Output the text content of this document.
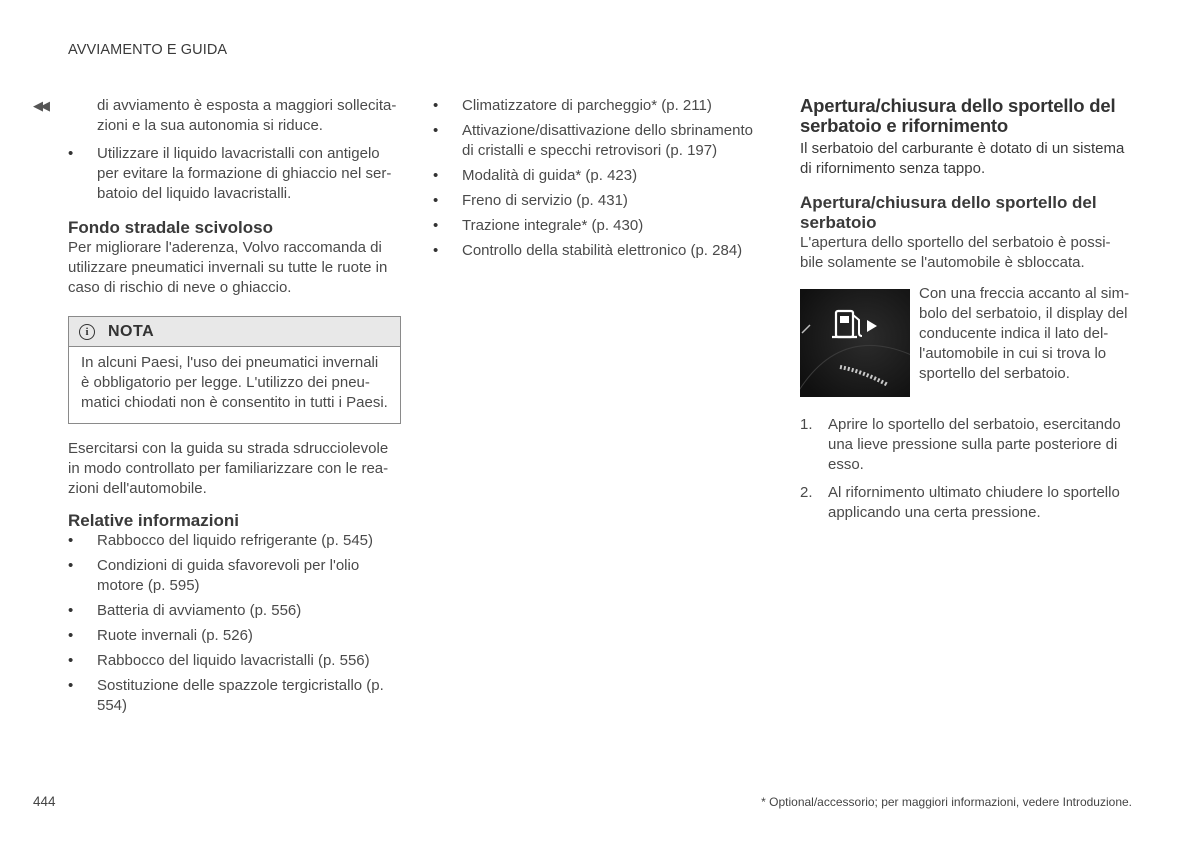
AVVIAMENTO E GUIDA
◀◀	di avviamento è esposta a maggiori sollecita-zioni e la sua autonomia si riduce.

• Utilizzare il liquido lavacristalli con antigelo per evitare la formazione di ghiaccio nel ser-batoio del liquido lavacristalli.
Fondo stradale scivoloso

Per migliorare l'aderenza, Volvo raccomanda di utilizzare pneumatici invernali su tutte le ruote in caso di rischio di neve o ghiaccio.

i	NOTA
In alcuni Paesi, l'uso dei pneumatici invernali è obbligatorio per legge. L'utilizzo dei pneu-matici chiodati non è consentito in tutti i Paesi.

Esercitarsi con la guida su strada sdrucciolevole in modo controllato per familiarizzare con le rea-zioni dell'automobile.

Relative informazioni
• Rabbocco del liquido refrigerante (p. 545)
• Condizioni di guida sfavorevoli per l'olio motore (p. 595)
• Batteria di avviamento (p. 556)
• Ruote invernali (p. 526)
• Rabbocco del liquido lavacristalli (p. 556)
• Sostituzione delle spazzole tergicristallo (p. 554)
• Climatizzatore di parcheggio* (p. 211)
• Attivazione/disattivazione dello sbrinamento di cristalli e specchi retrovisori (p. 197)
• Modalità di guida* (p. 423)
• Freno di servizio (p. 431)
• Trazione integrale* (p. 430)
• Controllo della stabilità elettronico (p. 284)
Apertura/chiusura dello sportello del serbatoio e rifornimento

Il serbatoio del carburante è dotato di un sistema di rifornimento senza tappo.

Apertura/chiusura dello sportello del serbatoio

L'apertura dello sportello del serbatoio è possi-bile solamente se l'automobile è sbloccata.

Con una freccia accanto al sim-bolo del serbatoio, il display del conducente indica il lato del-l'automobile in cui si trova lo sportello del serbatoio.

1. Aprire lo sportello del serbatoio, esercitando una lieve pressione sulla parte posteriore di esso.
2. Al rifornimento ultimato chiudere lo sportello applicando una certa pressione.
444	* Optional/accessorio; per maggiori informazioni, vedere Introduzione.
